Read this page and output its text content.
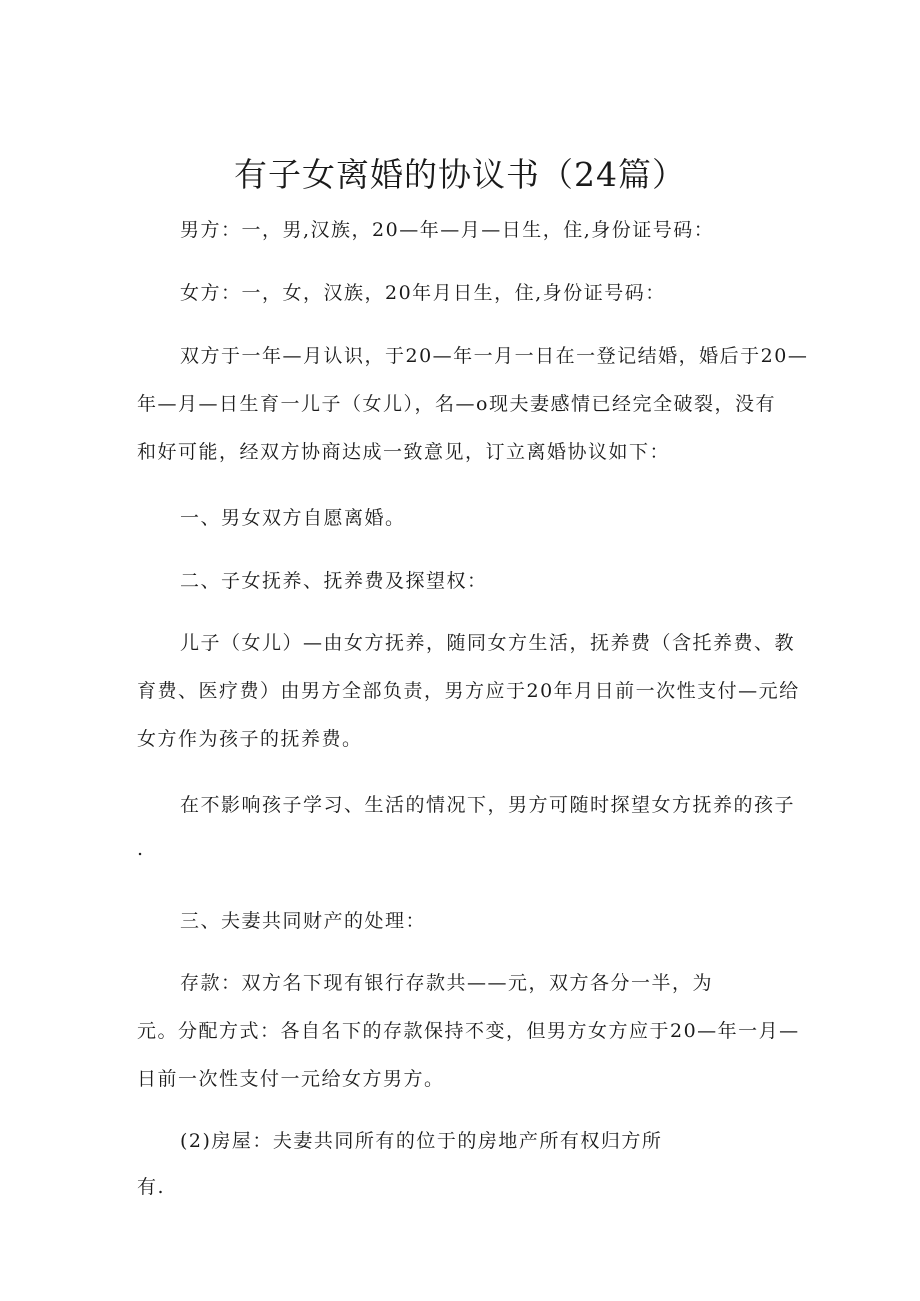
有子女离婚的协议书（24篇）
男方：一，男,汉族，20—年—月—日生，住,身份证号码：
女方：一，女，汉族，20年月日生，住,身份证号码：
双方于一年—月认识，于20—年一月一日在一登记结婚，婚后于20—
年—月—日生育一儿子（女儿），名—o现夫妻感情已经完全破裂，没有
和好可能，经双方协商达成一致意见，订立离婚协议如下：
一、男女双方自愿离婚。
二、子女抚养、抚养费及探望权：
儿子（女儿）—由女方抚养，随同女方生活，抚养费（含托养费、教
育费、医疗费）由男方全部负责，男方应于20年月日前一次性支付—元给
女方作为孩子的抚养费。
在不影响孩子学习、生活的情况下，男方可随时探望女方抚养的孩子
.
三、夫妻共同财产的处理：
存款：双方名下现有银行存款共——元，双方各分一半，为
元。分配方式：各自名下的存款保持不变，但男方女方应于20—年一月—
日前一次性支付一元给女方男方。
(2)房屋：夫妻共同所有的位于的房地产所有权归方所
有.
